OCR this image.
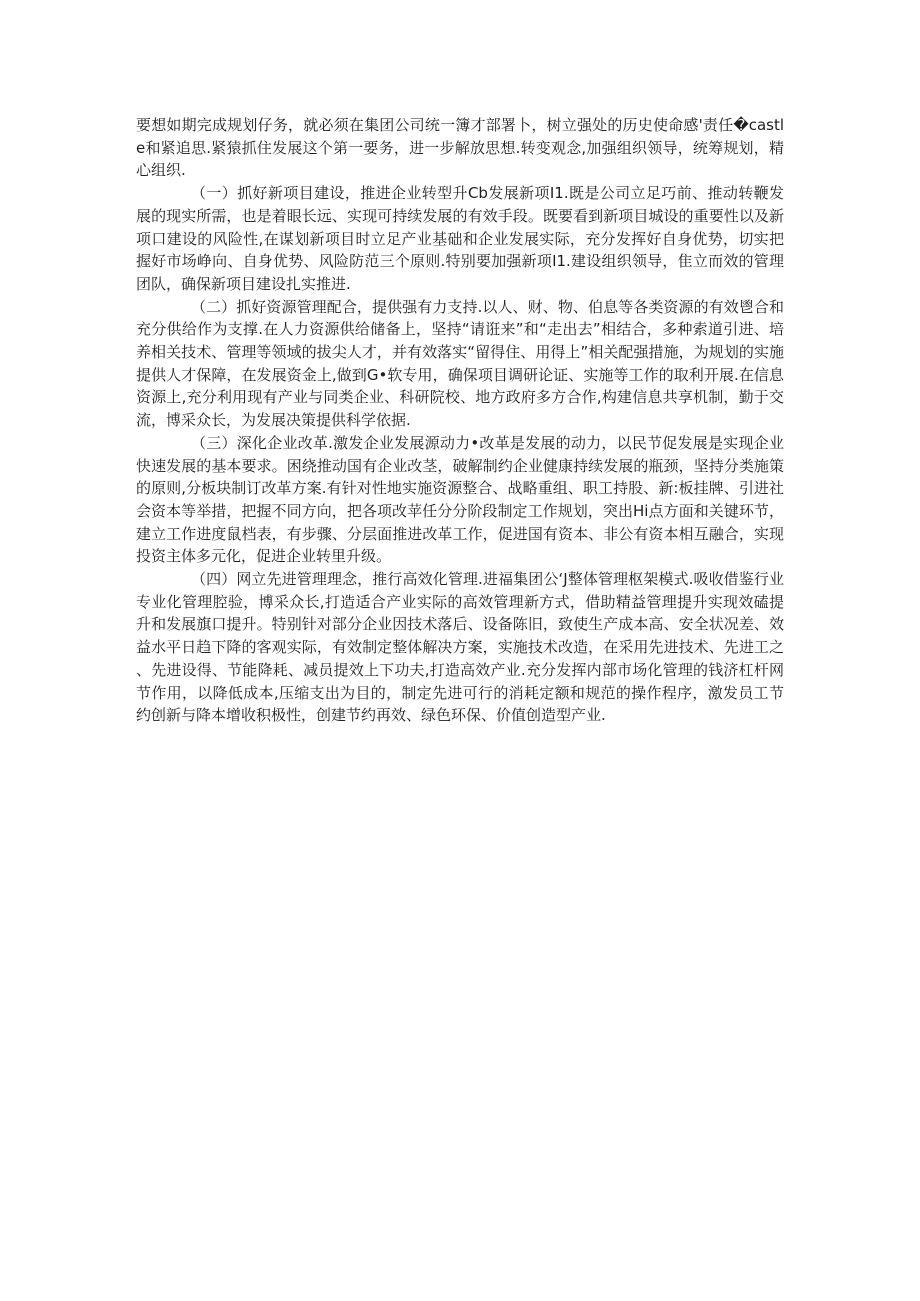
要想如期完成规划仔务，就必须在集团公司统一簿才部署卜，树立强处的历史使命感'责任�castle和紧追思.紧猿抓住发展这个第一要务，进一步解放思想.转变观念,加强组织领导，统筹规划，精心组织.

（一）抓好新项目建设，推进企业转型升Cb发展新项I1.既是公司立足巧前、推动转鞭发展的现实所需，也是着眼长远、实现可持续发展的有效手段。既要看到新项目城设的重要性以及新项口建设的风险性,在谋划新项目时立足产业基础和企业发展实际，充分发挥好自身优势，切实把握好市场峥向、自身优势、风险防范三个原则.特别要加强新项I1.建设组织领导，隹立而效的管理团队，确保新项目建设扎实推进.

（二）抓好资源管理配合，提供强有力支持.以人、财、物、伯息等各类资源的有效鬯合和充分供给作为支撑.在人力资源供给储备上，坚持“请诳来”和“走出去”相结合，多种索道引进、培养相关技术、管理等领域的拔尖人才，并有效落实“留得住、用得上”相关配强措施，为规划的实施提供人才保障，在发展资金上,做到G•软专用，确保项目调研论证、实施等工作的取利开展.在信息资源上,充分利用现有产业与同类企业、科研院校、地方政府多方合作,构建信息共享机制，勤于交流，博采众长，为发展决策提供科学依据.

（三）深化企业改革.激发企业发展源动力•改革是发展的动力，以民节促发展是实现企业快速发展的基本要求。困绕推动国有企业改茎，破解制约企业健康持续发展的瓶颈，坚持分类施策的原则,分板块制订改革方案.有针对性地实施资源整合、战略重组、职工持股、新:板挂牌、引进社会资本等举措，把握不同方向，把各项改苹任分分阶段制定工作规划，突出Hi点方面和关键环节，建立工作进度鼠档表，有步骤、分层面推进改革工作，促进国有资本、非公有资本相互融合，实现投资主体多元化，促进企业转里升级。

（四）网立先进管理理念，推行高效化管理.进福集团公‘J整体管理枢架模式.吸收借鉴行业专业化管理腔验，博采众长,打造适合产业实际的高效管理新方式，借助精益管理提升实现效磕提升和发展旗口提升。特别针对部分企业因技术落后、设备陈旧，致使生产成本高、安全状况差、效益水平日趋下降的客观实际，有效制定整体解决方案，实施技术改造，在采用先进技术、先进工之、先进设得、节能降耗、减员提效上下功夫,打造高效产业.充分发挥内部市场化管理的钱济杠杆网节作用，以降低成本,压缩支出为目的，制定先进可行的消耗定额和规范的操作程序，激发员工节约创新与降本增收积极性，创建节约再效、绿色环保、价值创造型产业.
